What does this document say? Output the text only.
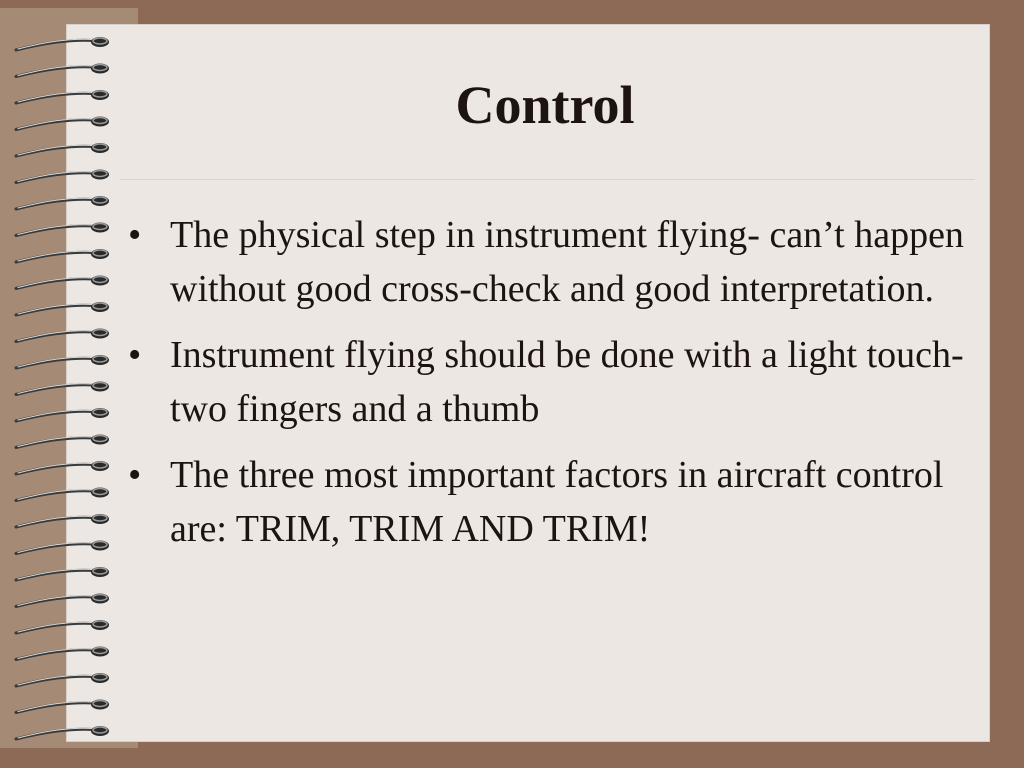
Control
• The physical step in instrument flying- can’t happen without good cross-check and good interpretation.
• Instrument flying should be done with a light touch- two fingers and a thumb
• The three most important factors in aircraft control are: TRIM, TRIM AND TRIM!
